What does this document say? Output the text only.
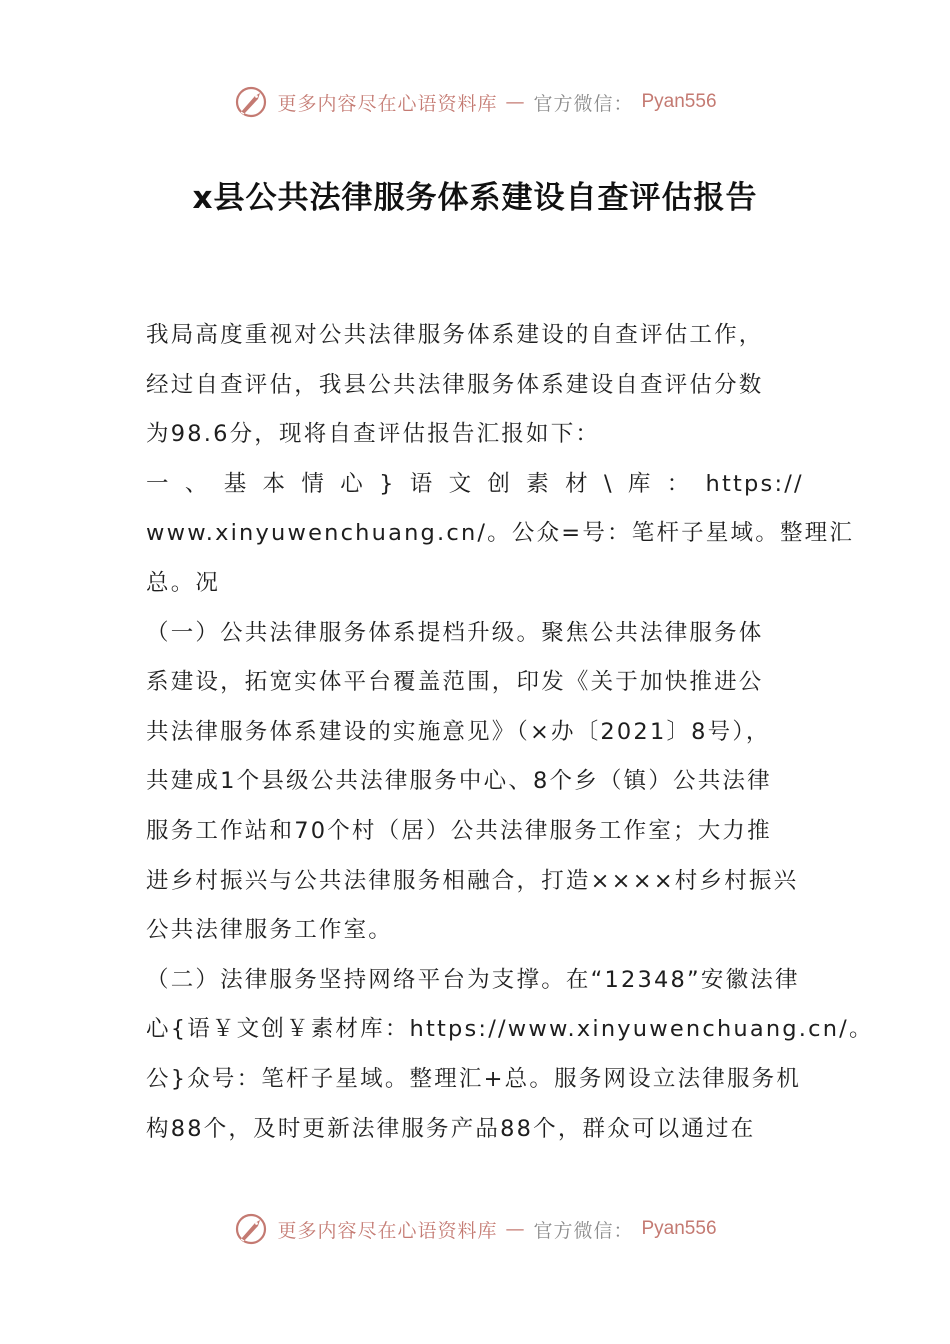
更多内容尽在心语资料库 — 官方微信： Pyan556
x县公共法律服务体系建设自查评估报告

我局高度重视对公共法律服务体系建设的自查评估工作，
经过自查评估，我县公共法律服务体系建设自查评估分数
为98.6分，现将自查评估报告汇报如下：

一 、 基 本 情 心 } 语 文 创 素 材 \ 库 ： https://
www.xinyuwenchuang.cn/。公众=号：笔杆子星域。整理汇
总。况

（一）公共法律服务体系提档升级。聚焦公共法律服务体
系建设，拓宽实体平台覆盖范围，印发《关于加快推进公
共法律服务体系建设的实施意见》（×办〔2021〕8号），
共建成1个县级公共法律服务中心、8个乡（镇）公共法律
服务工作站和70个村（居）公共法律服务工作室；大力推
进乡村振兴与公共法律服务相融合，打造××××村乡村振兴
公共法律服务工作室。

（二）法律服务坚持网络平台为支撑。在“12348”安徽法律
心{语￥文创￥素材库：https://www.xinyuwenchuang.cn/。
公}众号：笔杆子星域。整理汇+总。服务网设立法律服务机
构88个，及时更新法律服务产品88个，群众可以通过在

更多内容尽在心语资料库 — 官方微信： Pyan556
